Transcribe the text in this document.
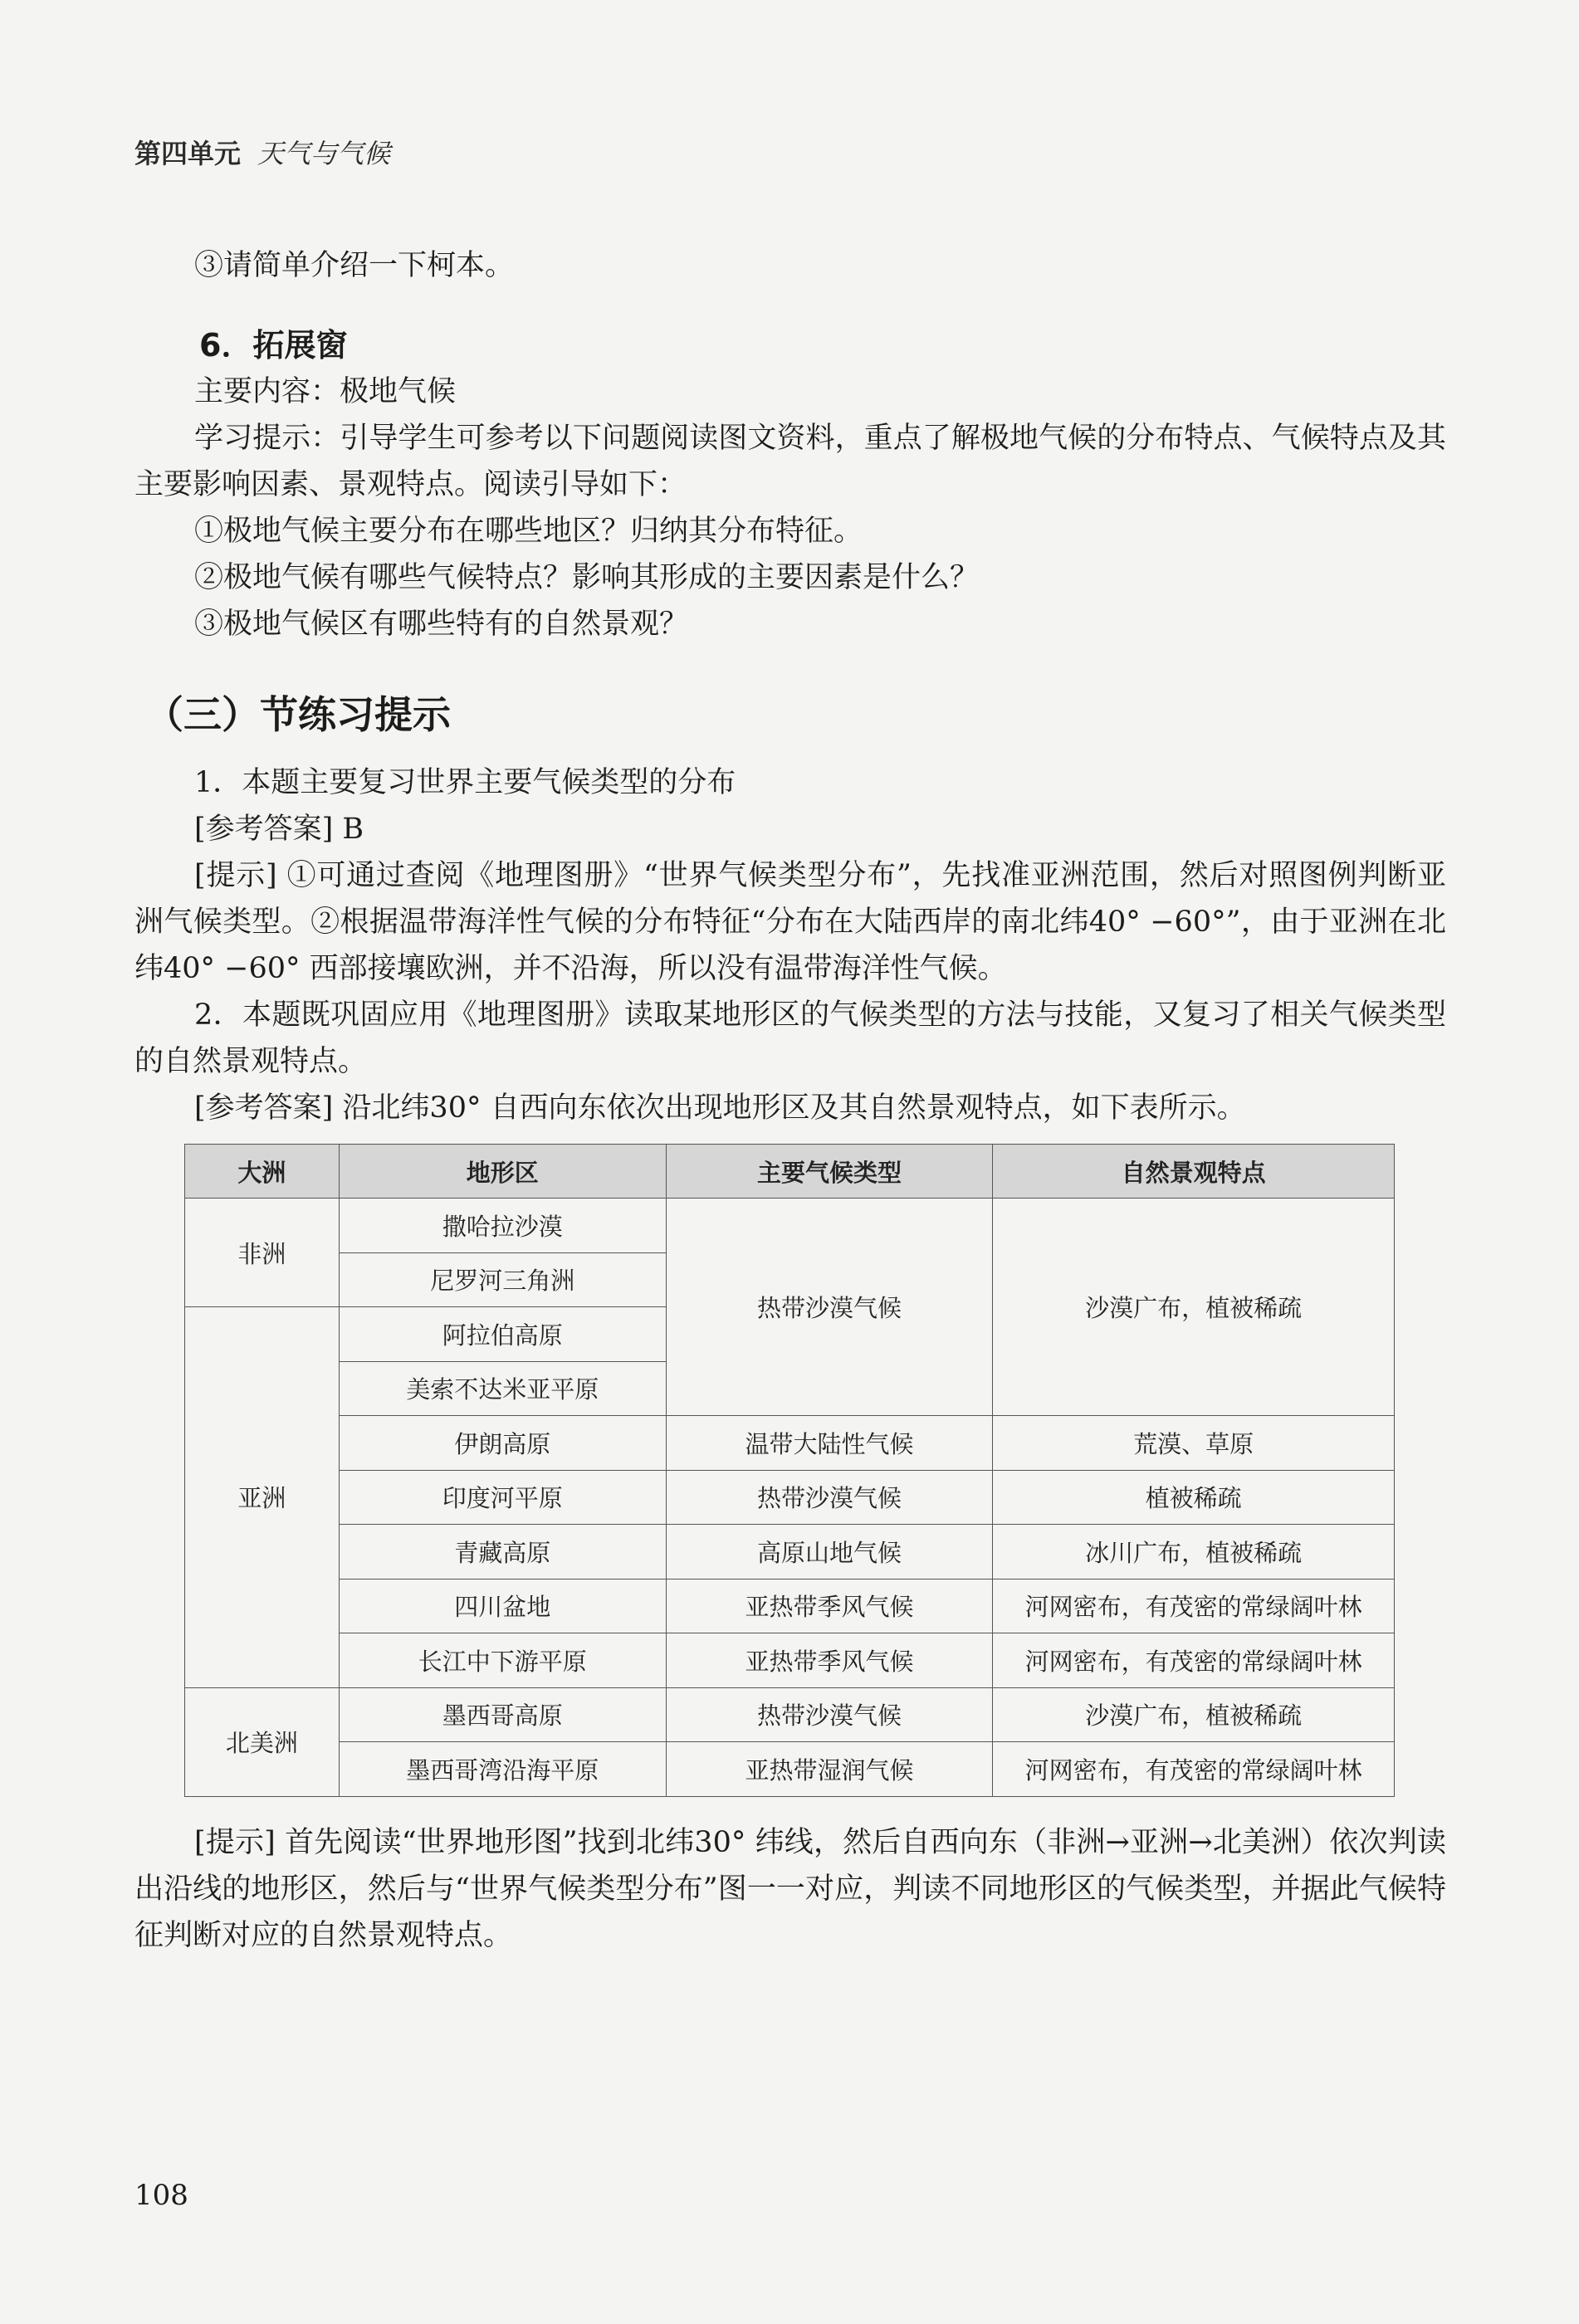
第四单元 天气与气候

③请简单介绍一下柯本。

6．拓展窗

主要内容：极地气候

学习提示：引导学生可参考以下问题阅读图文资料，重点了解极地气候的分布特点、气候特点及其主要影响因素、景观特点。阅读引导如下：

①极地气候主要分布在哪些地区？归纳其分布特征。

②极地气候有哪些气候特点？影响其形成的主要因素是什么？

③极地气候区有哪些特有的自然景观？

（三）节练习提示

1．本题主要复习世界主要气候类型的分布

[参考答案] B

[提示] ①可通过查阅《地理图册》“世界气候类型分布”，先找准亚洲范围，然后对照图例判断亚洲气候类型。②根据温带海洋性气候的分布特征“分布在大陆西岸的南北纬40° −60°”，由于亚洲在北纬40° −60° 西部接壤欧洲，并不沿海，所以没有温带海洋性气候。

2．本题既巩固应用《地理图册》读取某地形区的气候类型的方法与技能，又复习了相关气候类型的自然景观特点。

[参考答案] 沿北纬30° 自西向东依次出现地形区及其自然景观特点，如下表所示。

大洲	地形区	主要气候类型	自然景观特点
非洲	撒哈拉沙漠	热带沙漠气候	沙漠广布，植被稀疏
	尼罗河三角洲		
亚洲	阿拉伯高原		
	美索不达米亚平原		
	伊朗高原	温带大陆性气候	荒漠、草原
	印度河平原	热带沙漠气候	植被稀疏
	青藏高原	高原山地气候	冰川广布，植被稀疏
	四川盆地	亚热带季风气候	河网密布，有茂密的常绿阔叶林
	长江中下游平原	亚热带季风气候	河网密布，有茂密的常绿阔叶林
北美洲	墨西哥高原	热带沙漠气候	沙漠广布，植被稀疏
	墨西哥湾沿海平原	亚热带湿润气候	河网密布，有茂密的常绿阔叶林

[提示] 首先阅读“世界地形图”找到北纬30° 纬线，然后自西向东（非洲→亚洲→北美洲）依次判读出沿线的地形区，然后与“世界气候类型分布”图一一对应，判读不同地形区的气候类型，并据此气候特征判断对应的自然景观特点。

108
